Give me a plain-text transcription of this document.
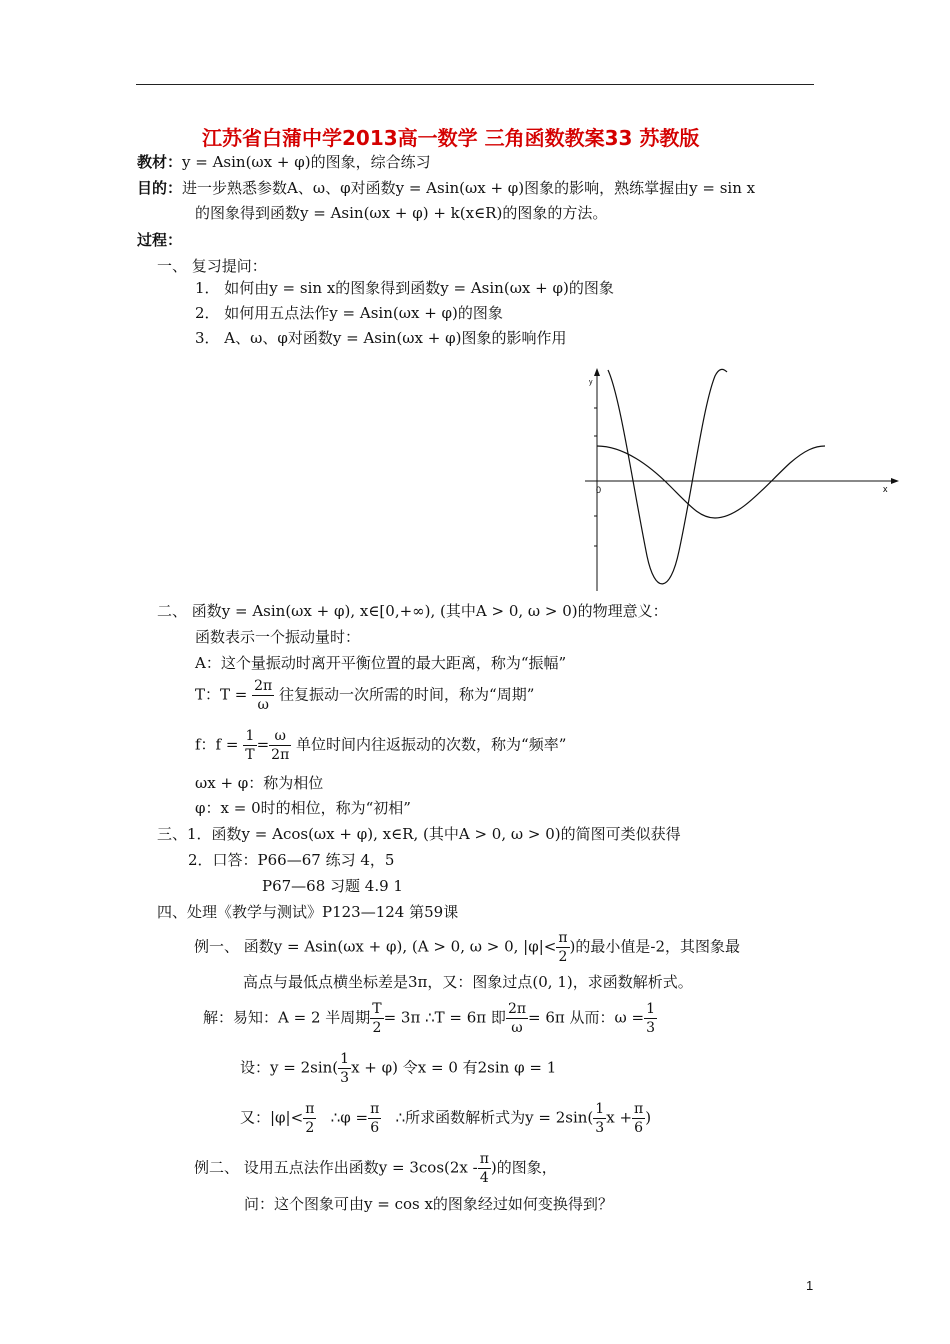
江苏省白蒲中学2013高一数学 三角函数教案33 苏教版
教材：y = Asin(ωx + φ)的图象，综合练习
目的：进一步熟悉参数A、ω、φ对函数y = Asin(ωx + φ)图象的影响，熟练掌握由y = sin x
的图象得到函数y = Asin(ωx + φ) + k(x∈R)的图象的方法。
过程：
一、 复习提问：
1． 如何由y = sin x的图象得到函数y = Asin(ωx + φ)的图象
2． 如何用五点法作y = Asin(ωx + φ)的图象
3． A、ω、φ对函数y = Asin(ωx + φ)图象的影响作用
y
x
0
二、 函数y = Asin(ωx + φ), x∈[0,+∞), (其中A > 0, ω > 0)的物理意义：
函数表示一个振动量时：
A：这个量振动时离开平衡位置的最大距离，称为“振幅”
T：$T = \frac{2\pi}{\omega}$ 往复振动一次所需的时间，称为“周期”
f：$f = \frac{1}{T} = \frac{\omega}{2\pi}$ 单位时间内往返振动的次数，称为“频率”
ωx + φ：称为相位
φ：x = 0时的相位，称为“初相”
三、1．函数y = Acos(ωx + φ), x∈R, (其中A > 0, ω > 0)的简图可类似获得
2．口答：P66—67 练习 4，5
P67—68 习题 4.9 1
四、处理《教学与测试》P123—124 第59课
例一、 函数y = Asin(ωx + φ), (A > 0, ω > 0, $|\varphi|< \frac{\pi}{2}$ )的最小值是-2，其图象最
高点与最低点横坐标差是3π，又：图象过点(0, 1)，求函数解析式。
解：易知：A = 2 半周期 $\frac{T}{2} = 3\pi$ ∴T = 6π 即 $\frac{2\pi}{\omega} = 6\pi$ 从而：$\omega = \frac{1}{3}$
设：$y = 2\sin( \frac{1}{3}$ x + φ) 令x = 0 有2sin φ = 1
又：$|\varphi|< \frac{\pi}{2}$ ∴φ = $\frac{\pi}{6}$ ∴所求函数解析式为$y = 2\sin( \frac{1}{3}$ $x + \frac{\pi}{6}$ )
例二、 设用五点法作出函数$y = 3\cos(2x - \frac{\pi}{4}$ )的图象，
问：这个图象可由y = cos x的图象经过如何变换得到？
1
